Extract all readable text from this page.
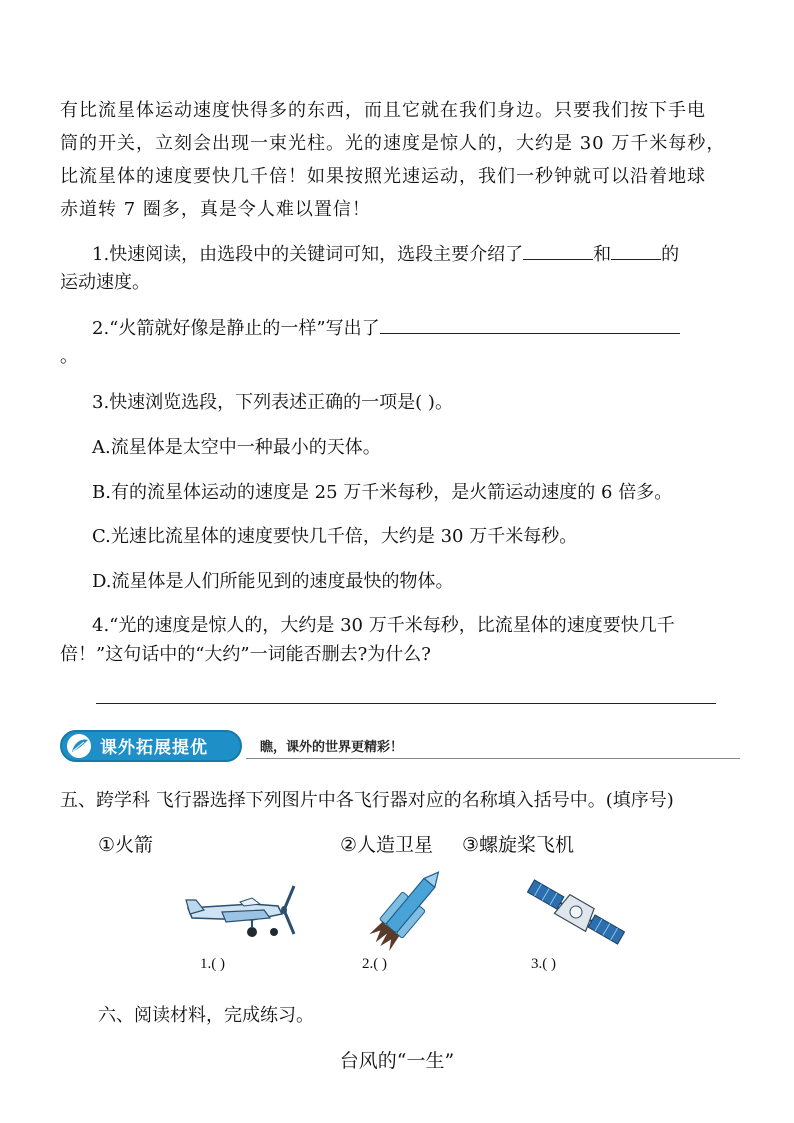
有比流星体运动速度快得多的东西，而且它就在我们身边。只要我们按下手电
筒的开关，立刻会出现一束光柱。光的速度是惊人的，大约是 30 万千米每秒，
比流星体的速度要快几千倍！如果按照光速运动，我们一秒钟就可以沿着地球
赤道转 7 圈多，真是令人难以置信！
1.快速阅读，由选段中的关键词可知，选段主要介绍了	和	的
运动速度。
2.“火箭就好像是静止的一样”写出了
。
3.快速浏览选段，下列表述正确的一项是( )。
A.流星体是太空中一种最小的天体。
B.有的流星体运动的速度是 25 万千米每秒，是火箭运动速度的 6 倍多。
C.光速比流星体的速度要快几千倍，大约是 30 万千米每秒。
D.流星体是人们所能见到的速度最快的物体。
4.“光的速度是惊人的，大约是 30 万千米每秒，比流星体的速度要快几千
倍！”这句话中的“大约”一词能否删去?为什么?
课外拓展提优	瞧，课外的世界更精彩！
五、跨学科 飞行器选择下列图片中各飞行器对应的名称填入括号中。(填序号)
①火箭	②人造卫星 ③螺旋桨飞机
1.( )	2.( )	3.( )
六、阅读材料，完成练习。
台风的“一生”
